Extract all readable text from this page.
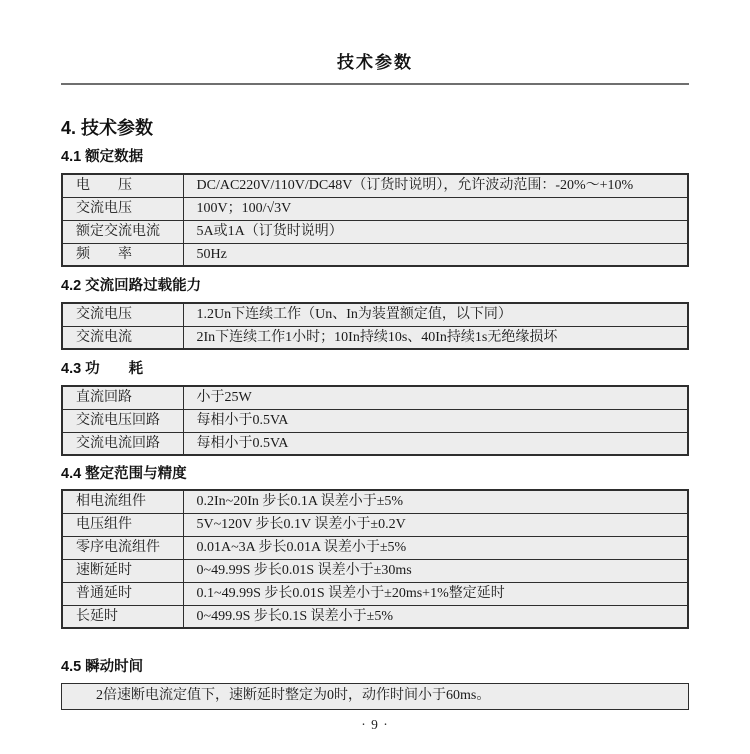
技术参数
4. 技术参数
4.1 额定数据
电　　压	DC/AC220V/110V/DC48V（订货时说明），允许波动范围：-20%～+10%
交流电压	100V；100/√3V
额定交流电流	5A或1A（订货时说明）
频　　率	50Hz
4.2 交流回路过载能力
交流电压	1.2Un下连续工作（Un、In为装置额定值，以下同）
交流电流	2In下连续工作1小时；10In持续10s、40In持续1s无绝缘损坏
4.3 功　　耗
直流回路	小于25W
交流电压回路	每相小于0.5VA
交流电流回路	每相小于0.5VA
4.4 整定范围与精度
相电流组件	0.2In~20In 步长0.1A 误差小于±5%
电压组件	5V~120V 步长0.1V 误差小于±0.2V
零序电流组件	0.01A~3A 步长0.01A 误差小于±5%
速断延时	0~49.99S 步长0.01S 误差小于±30ms
普通延时	0.1~49.99S 步长0.01S 误差小于±20ms+1%整定延时
长延时	0~499.9S 步长0.1S 误差小于±5%
4.5 瞬动时间
2倍速断电流定值下，速断延时整定为0时，动作时间小于60ms。
· 9 ·
